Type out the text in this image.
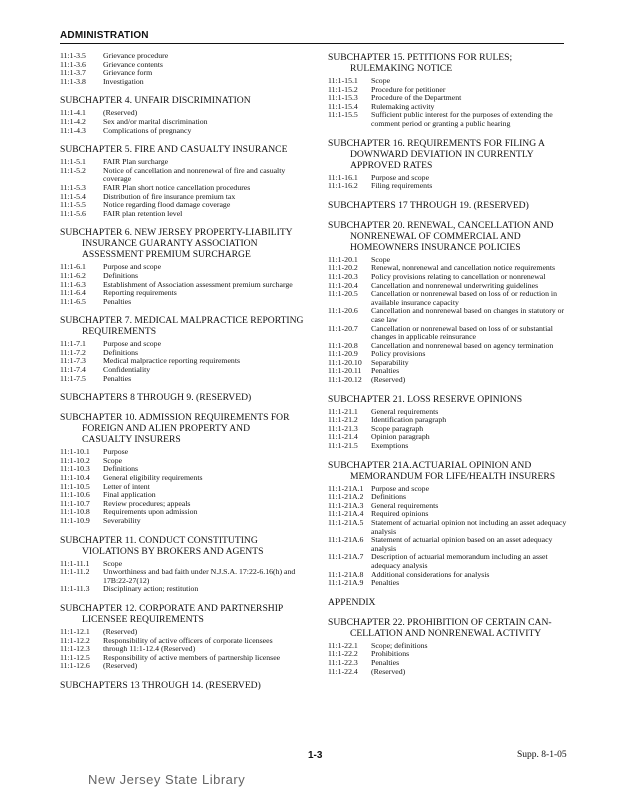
ADMINISTRATION
11:1-3.5	Grievance procedure
11:1-3.6	Grievance contents
11:1-3.7	Grievance form
11:1-3.8	Investigation
SUBCHAPTER 4. UNFAIR DISCRIMINATION
11:1-4.1	(Reserved)
11:1-4.2	Sex and/or marital discrimination
11:1-4.3	Complications of pregnancy
SUBCHAPTER 5. FIRE AND CASUALTY INSURANCE
11:1-5.1	FAIR Plan surcharge
11:1-5.2	Notice of cancellation and nonrenewal of fire and casualty coverage
11:1-5.3	FAIR Plan short notice cancellation procedures
11:1-5.4	Distribution of fire insurance premium tax
11:1-5.5	Notice regarding flood damage coverage
11:1-5.6	FAIR plan retention level
SUBCHAPTER 6. NEW JERSEY PROPERTY-LIABILITY
INSURANCE GUARANTY ASSOCIATION
ASSESSMENT PREMIUM SURCHARGE
11:1-6.1	Purpose and scope
11:1-6.2	Definitions
11:1-6.3	Establishment of Association assessment premium surcharge
11:1-6.4	Reporting requirements
11:1-6.5	Penalties
SUBCHAPTER 7. MEDICAL MALPRACTICE REPORTING
REQUIREMENTS
11:1-7.1	Purpose and scope
11:1-7.2	Definitions
11:1-7.3	Medical malpractice reporting requirements
11:1-7.4	Confidentiality
11:1-7.5	Penalties
SUBCHAPTERS 8 THROUGH 9. (RESERVED)
SUBCHAPTER 10. ADMISSION REQUIREMENTS FOR
FOREIGN AND ALIEN PROPERTY AND
CASUALTY INSURERS
11:1-10.1	Purpose
11:1-10.2	Scope
11:1-10.3	Definitions
11:1-10.4	General eligibility requirements
11:1-10.5	Letter of intent
11:1-10.6	Final application
11:1-10.7	Review procedures; appeals
11:1-10.8	Requirements upon admission
11:1-10.9	Severability
SUBCHAPTER 11. CONDUCT CONSTITUTING
VIOLATIONS BY BROKERS AND AGENTS
11:1-11.1	Scope
11:1-11.2	Unworthiness and bad faith under N.J.S.A. 17:22-6.16(h) and 17B:22-27(12)
11:1-11.3	Disciplinary action; restitution
SUBCHAPTER 12. CORPORATE AND PARTNERSHIP
LICENSEE REQUIREMENTS
11:1-12.1	(Reserved)
11:1-12.2	Responsibility of active officers of corporate licensees
11:1-12.3	through 11:1-12.4 (Reserved)
11:1-12.5	Responsibility of active members of partnership licensee
11:1-12.6	(Reserved)
SUBCHAPTERS 13 THROUGH 14. (RESERVED)
SUBCHAPTER 15. PETITIONS FOR RULES;
RULEMAKING NOTICE
11:1-15.1	Scope
11:1-15.2	Procedure for petitioner
11:1-15.3	Procedure of the Department
11:1-15.4	Rulemaking activity
11:1-15.5	Sufficient public interest for the purposes of extending the comment period or granting a public hearing
SUBCHAPTER 16. REQUIREMENTS FOR FILING A
DOWNWARD DEVIATION IN CURRENTLY
APPROVED RATES
11:1-16.1	Purpose and scope
11:1-16.2	Filing requirements
SUBCHAPTERS 17 THROUGH 19. (RESERVED)
SUBCHAPTER 20. RENEWAL, CANCELLATION AND
NONRENEWAL OF COMMERCIAL AND
HOMEOWNERS INSURANCE POLICIES
11:1-20.1	Scope
11:1-20.2	Renewal, nonrenewal and cancellation notice requirements
11:1-20.3	Policy provisions relating to cancellation or nonrenewal
11:1-20.4	Cancellation and nonrenewal underwriting guidelines
11:1-20.5	Cancellation or nonrenewal based on loss of or reduction in available insurance capacity
11:1-20.6	Cancellation and nonrenewal based on changes in statutory or case law
11:1-20.7	Cancellation or nonrenewal based on loss of or substantial changes in applicable reinsurance
11:1-20.8	Cancellation and nonrenewal based on agency termination
11:1-20.9	Policy provisions
11:1-20.10	Separability
11:1-20.11	Penalties
11:1-20.12	(Reserved)
SUBCHAPTER 21. LOSS RESERVE OPINIONS
11:1-21.1	General requirements
11:1-21.2	Identification paragraph
11:1-21.3	Scope paragraph
11:1-21.4	Opinion paragraph
11:1-21.5	Exemptions
SUBCHAPTER 21A.ACTUARIAL OPINION AND
MEMORANDUM FOR LIFE/HEALTH INSURERS
11:1-21A.1 Purpose and scope
11:1-21A.2 Definitions
11:1-21A.3 General requirements
11:1-21A.4 Required opinions
11:1-21A.5 Statement of actuarial opinion not including an asset adequacy analysis
11:1-21A.6 Statement of actuarial opinion based on an asset adequacy analysis
11:1-21A.7 Description of actuarial memorandum including an asset adequacy analysis
11:1-21A.8 Additional considerations for analysis
11:1-21A.9 Penalties
APPENDIX
SUBCHAPTER 22. PROHIBITION OF CERTAIN CAN-
CELLATION AND NONRENEWAL ACTIVITY
11:1-22.1	Scope; definitions
11:1-22.2	Prohibitions
11:1-22.3	Penalties
11:1-22.4	(Reserved)
1-3	Supp. 8-1-05
New Jersey State Library
